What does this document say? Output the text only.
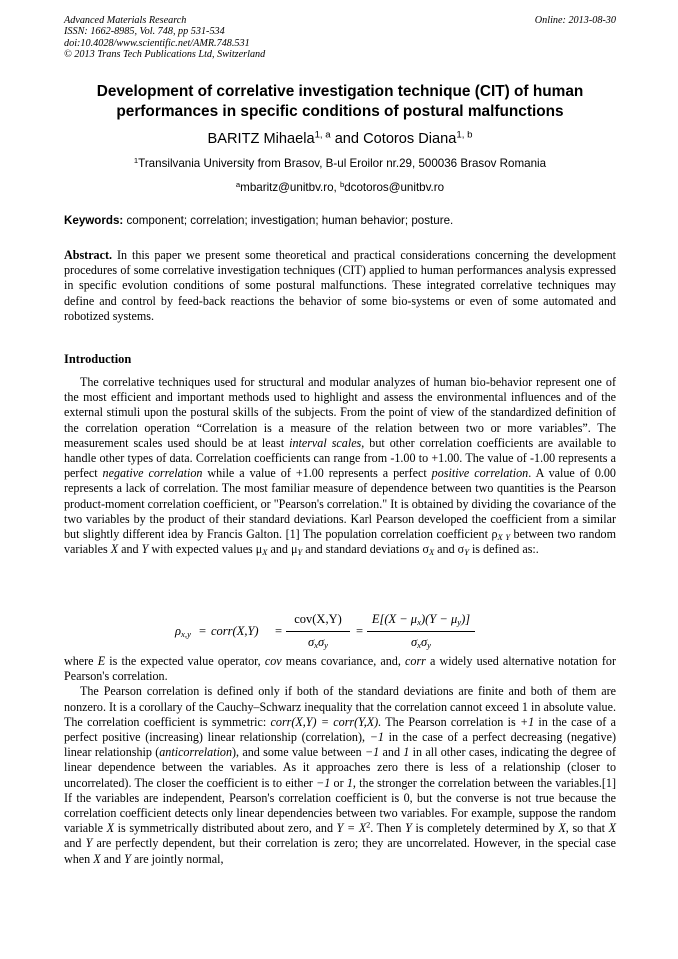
Advanced Materials Research
ISSN: 1662-8985, Vol. 748, pp 531-534
doi:10.4028/www.scientific.net/AMR.748.531
© 2013 Trans Tech Publications Ltd, Switzerland
Online: 2013-08-30
Development of correlative investigation technique (CIT) of human
performances in specific conditions of postural malfunctions
BARITZ Mihaela$^{1, a}$ and Cotoros Diana$^{1, b}$
$^1$Transilvania University from Brasov, B-ul Eroilor nr.29, 500036 Brasov Romania
$^a$mbaritz@unitbv.ro, $^b$dcotoros@unitbv.ro
Keywords: component; correlation; investigation; human behavior; posture.
Abstract. In this paper we present some theoretical and practical considerations concerning the development procedures of some correlative investigation techniques (CIT) applied to human performances analysis expressed in specific evolution conditions of some postural malfunctions. These integrated correlative techniques may define and control by feed-back reactions the behavior of some bio-systems or even of some automated and robotized systems.
Introduction

The correlative techniques used for structural and modular analyzes of human bio-behavior represent one of the most efficient and important methods used to highlight and assess the environmental influences and of the external stimuli upon the postural skills of the subjects. From the point of view of the standardized definition of the correlation operation “Correlation is a measure of the relation between two or more variables”. The measurement scales used should be at least interval scales, but other correlation coefficients are available to handle other types of data. Correlation coefficients can range from -1.00 to +1.00. The value of -1.00 represents a perfect negative correlation while a value of +1.00 represents a perfect positive correlation. A value of 0.00 represents a lack of correlation. The most familiar measure of dependence between two quantities is the Pearson product-moment correlation coefficient, or "Pearson's correlation." It is obtained by dividing the covariance of the two variables by the product of their standard deviations. Karl Pearson developed the coefficient from a similar but slightly different idea by Francis Galton. [1] The population correlation coefficient $\rho_{X Y}$ between two random variables X and Y with expected values $\mu_X$ and $\mu_Y$ and standard deviations $\sigma_X$ and $\sigma_Y$ is defined as:.

$\rho_{x,y}$ = corr(X,Y) =
cov(X,Y)
$\sigma_x\sigma_y$
=
$E[(X - \mu_x)(Y - \mu_y)]$
$\sigma_x\sigma_y$

where E is the expected value operator, cov means covariance, and, corr a widely used alternative notation for Pearson's correlation.

The Pearson correlation is defined only if both of the standard deviations are finite and both of them are nonzero. It is a corollary of the Cauchy–Schwarz inequality that the correlation cannot exceed 1 in absolute value. The correlation coefficient is symmetric: corr(X,Y) = corr(Y,X). The Pearson correlation is +1 in the case of a perfect positive (increasing) linear relationship (correlation), −1 in the case of a perfect decreasing (negative) linear relationship (anticorrelation), and some value between −1 and 1 in all other cases, indicating the degree of linear dependence between the variables. As it approaches zero there is less of a relationship (closer to uncorrelated). The closer the coefficient is to either −1 or 1, the stronger the correlation between the variables.[1] If the variables are independent, Pearson's correlation coefficient is 0, but the converse is not true because the correlation coefficient detects only linear dependencies between two variables. For example, suppose the random variable X is symmetrically distributed about zero, and $Y = X^2$. Then Y is completely determined by X, so that X and Y are perfectly dependent, but their correlation is zero; they are uncorrelated. However, in the special case when X and Y are jointly normal,
